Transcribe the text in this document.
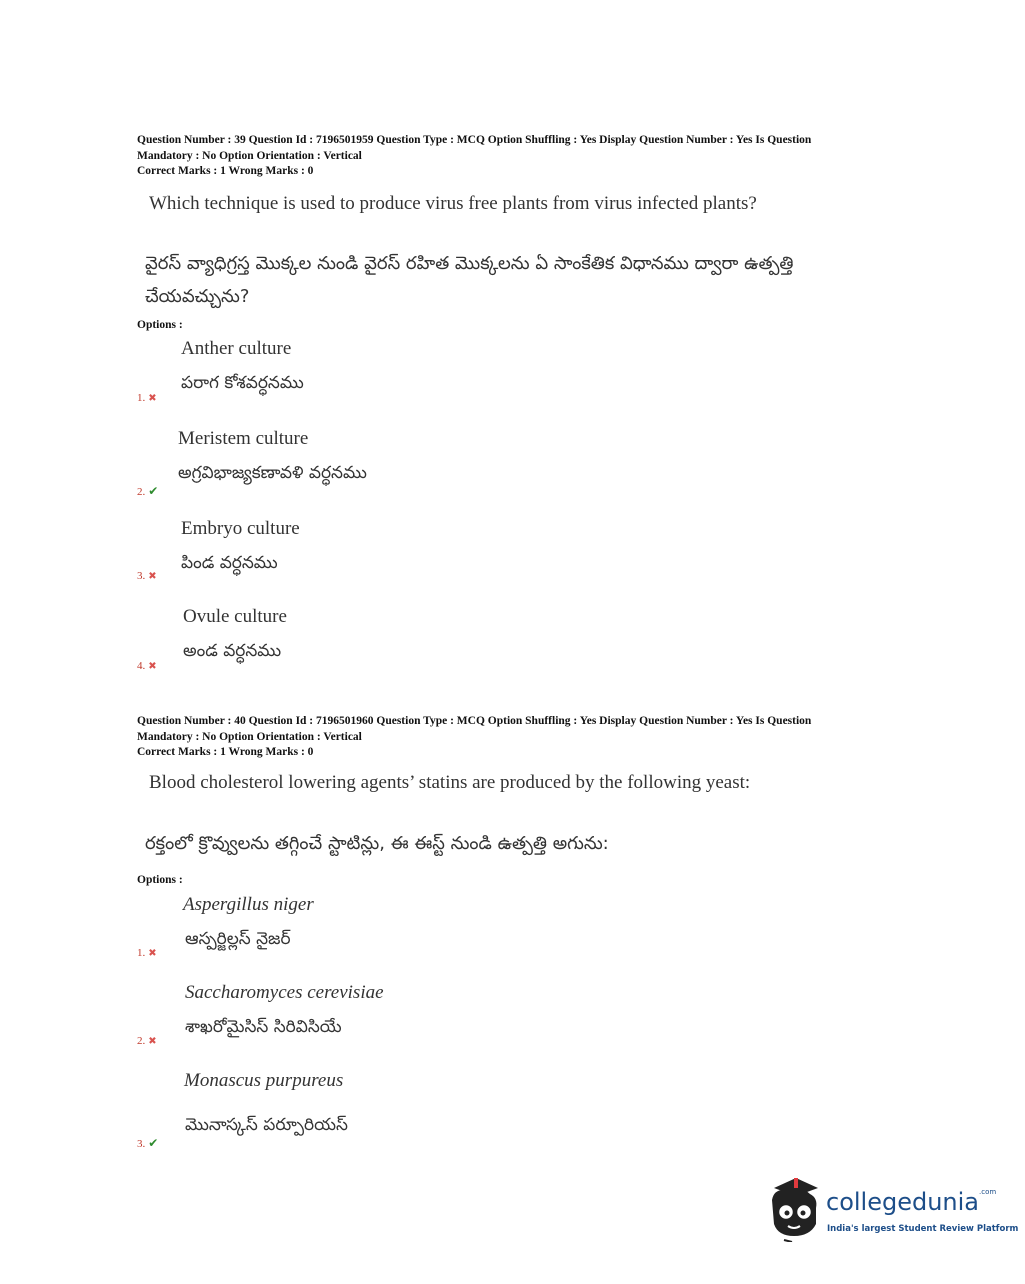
Question Number : 39 Question Id : 7196501959 Question Type : MCQ Option Shuffling : Yes Display Question Number : Yes Is Question
Mandatory : No Option Orientation : Vertical
Correct Marks : 1 Wrong Marks : 0
Which technique is used to produce virus free plants from virus infected plants?
వైరస్ వ్యాధిగ్రస్త మొక్కల నుండి వైరస్ రహిత మొక్కలను ఏ సాంకేతిక విధానము ద్వారా ఉత్పత్తి
చేయవచ్చును?
Options :
Anther culture
పరాగ కోశవర్ధనము
1. ✖
Meristem culture
అగ్రవిభాజ్యకణావళి వర్ధనము
2. ✔
Embryo culture
పిండ వర్ధనము
3. ✖
Ovule culture
అండ వర్ధనము
4. ✖
Question Number : 40 Question Id : 7196501960 Question Type : MCQ Option Shuffling : Yes Display Question Number : Yes Is Question
Mandatory : No Option Orientation : Vertical
Correct Marks : 1 Wrong Marks : 0
Blood cholesterol lowering agents’ statins are produced by the following yeast:
రక్తంలో క్రొవ్వులను తగ్గించే స్టాటిన్లు, ఈ ఈస్ట్ నుండి ఉత్పత్తి అగును:
Options :
Aspergillus niger
ఆస్పర్జిల్లస్ నైజర్
1. ✖
Saccharomyces cerevisiae
శాఖరోమైసిస్ సిరివిసియే
2. ✖
Monascus purpureus
మొనాస్కస్ పర్పూరియస్
3. ✔
collegedunia$^{.com}$
India's largest Student Review Platform
